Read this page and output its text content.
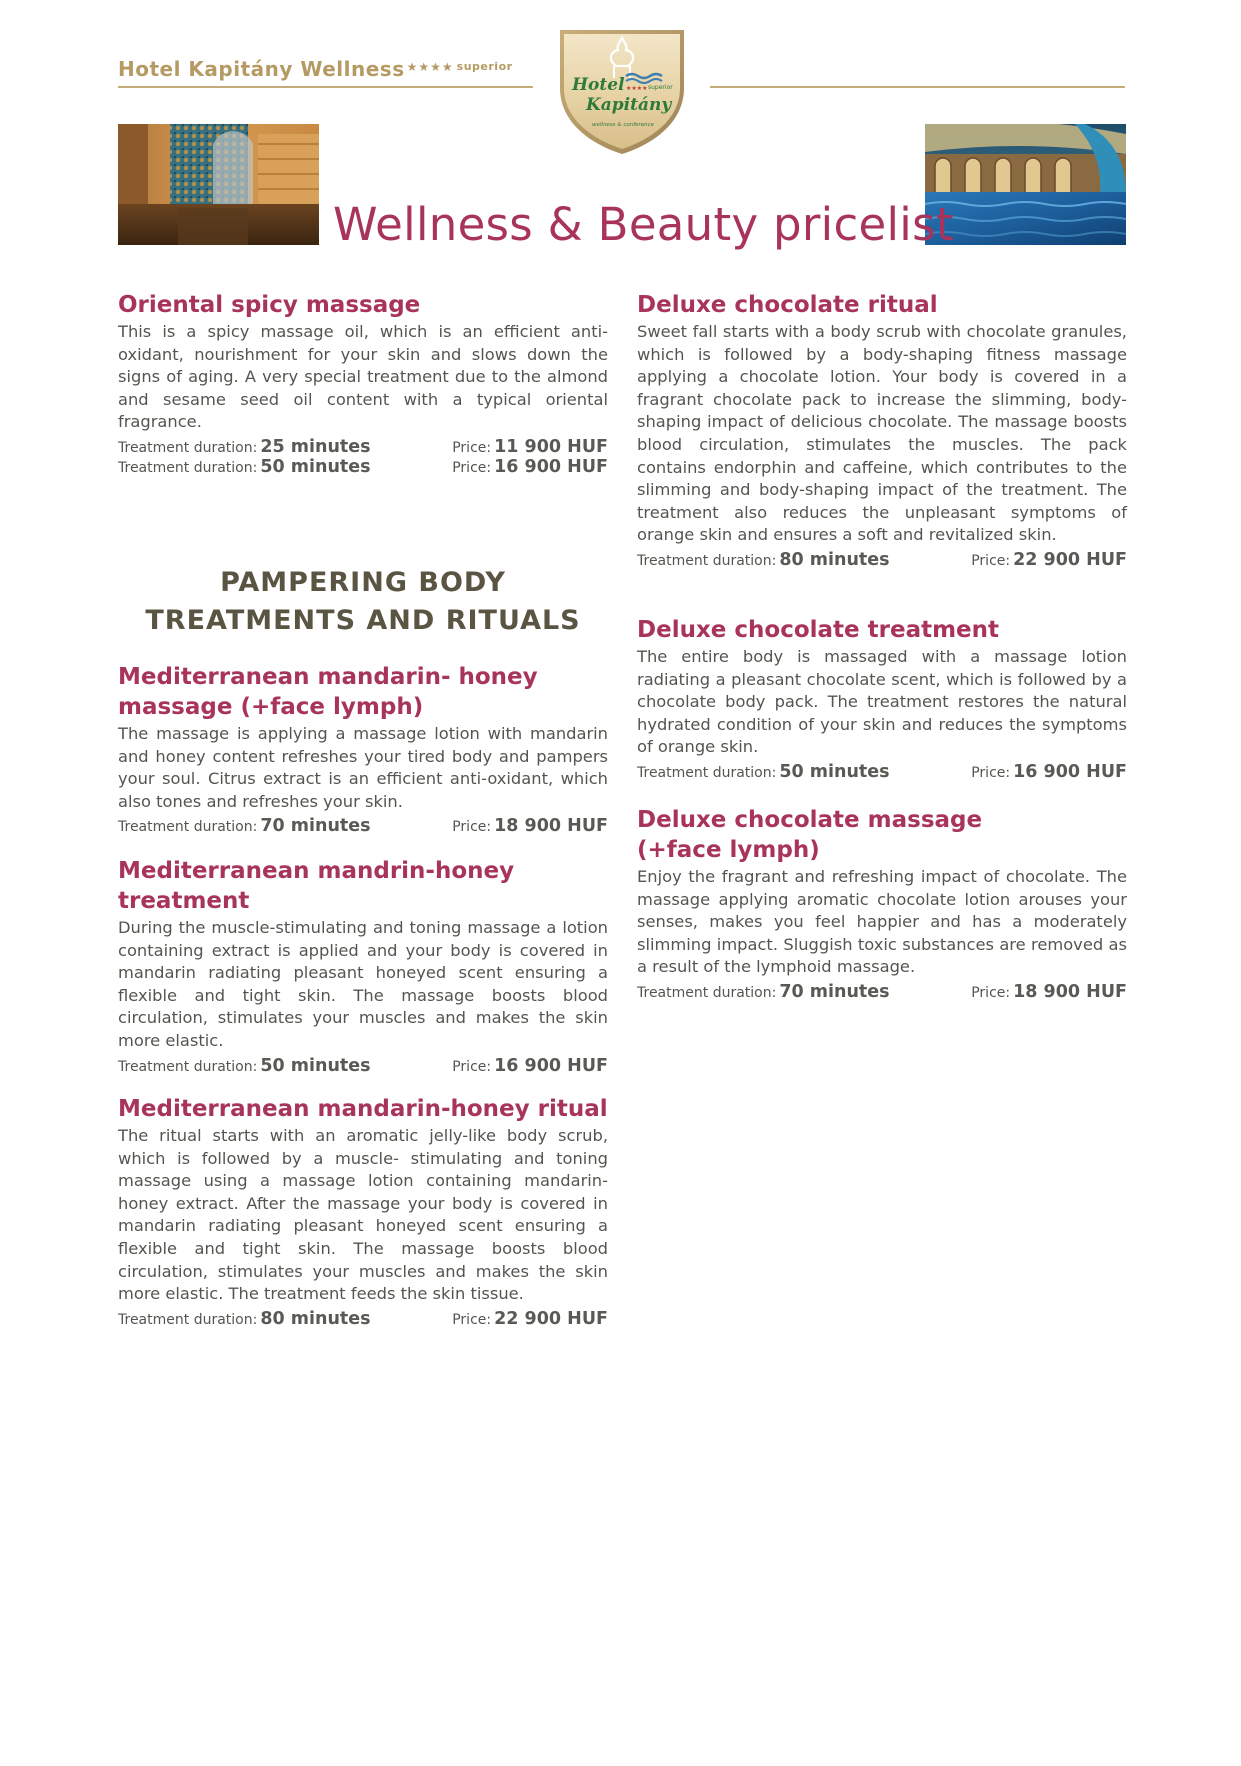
Hotel Kapitány Wellness ★★★★ $^{superior}$
Hotel ★★★★ superior
Kapitány
wellness & conference
Wellness & Beauty pricelist
Oriental spicy massage

This is a spicy massage oil, which is an efficient anti-oxidant, nourishment for your skin and slows down the signs of aging. A very special treatment due to the almond and sesame seed oil content with a typical oriental fragrance.

Treatment duration: 25 minutes	Price: 11 900 HUF
Treatment duration: 50 minutes	Price: 16 900 HUF
PAMPERING BODY
TREATMENTS AND RITUALS
Mediterranean mandarin- honey
massage (+face lymph)

The massage is applying a massage lotion with mandarin and honey content refreshes your tired body and pampers your soul. Citrus extract is an efficient anti-oxidant, which also tones and refreshes your skin.

Treatment duration: 70 minutes	Price: 18 900 HUF
Mediterranean mandrin-honey
treatment

During the muscle-stimulating and toning massage a lotion containing extract is applied and your body is covered in mandarin radiating pleasant honeyed scent ensuring a flexible and tight skin. The massage boosts blood circulation, stimulates your muscles and makes the skin more elastic.

Treatment duration: 50 minutes	Price: 16 900 HUF
Mediterranean mandarin-honey ritual

The ritual starts with an aromatic jelly-like body scrub, which is followed by a muscle- stimulating and toning massage using a massage lotion containing mandarin-honey extract. After the massage your body is covered in mandarin radiating pleasant honeyed scent ensuring a flexible and tight skin. The massage boosts blood circulation, stimulates your muscles and makes the skin more elastic. The treatment feeds the skin tissue.

Treatment duration: 80 minutes	Price: 22 900 HUF
Deluxe chocolate ritual

Sweet fall starts with a body scrub with chocolate granules, which is followed by a body-shaping fitness massage applying a chocolate lotion. Your body is covered in a fragrant chocolate pack to increase the slimming, body-shaping impact of delicious chocolate. The massage boosts blood circulation, stimulates the muscles. The pack contains endorphin and caffeine, which contributes to the slimming and body-shaping impact of the treatment. The treatment also reduces the unpleasant symptoms of orange skin and ensures a soft and revitalized skin.

Treatment duration: 80 minutes	Price: 22 900 HUF
Deluxe chocolate treatment

The entire body is massaged with a massage lotion radiating a pleasant chocolate scent, which is followed by a chocolate body pack. The treatment restores the natural hydrated condition of your skin and reduces the symptoms of orange skin.

Treatment duration: 50 minutes	Price: 16 900 HUF
Deluxe chocolate massage
(+face lymph)

Enjoy the fragrant and refreshing impact of chocolate. The massage applying aromatic chocolate lotion arouses your senses, makes you feel happier and has a moderately slimming impact. Sluggish toxic substances are removed as a result of the lymphoid massage.

Treatment duration: 70 minutes	Price: 18 900 HUF
